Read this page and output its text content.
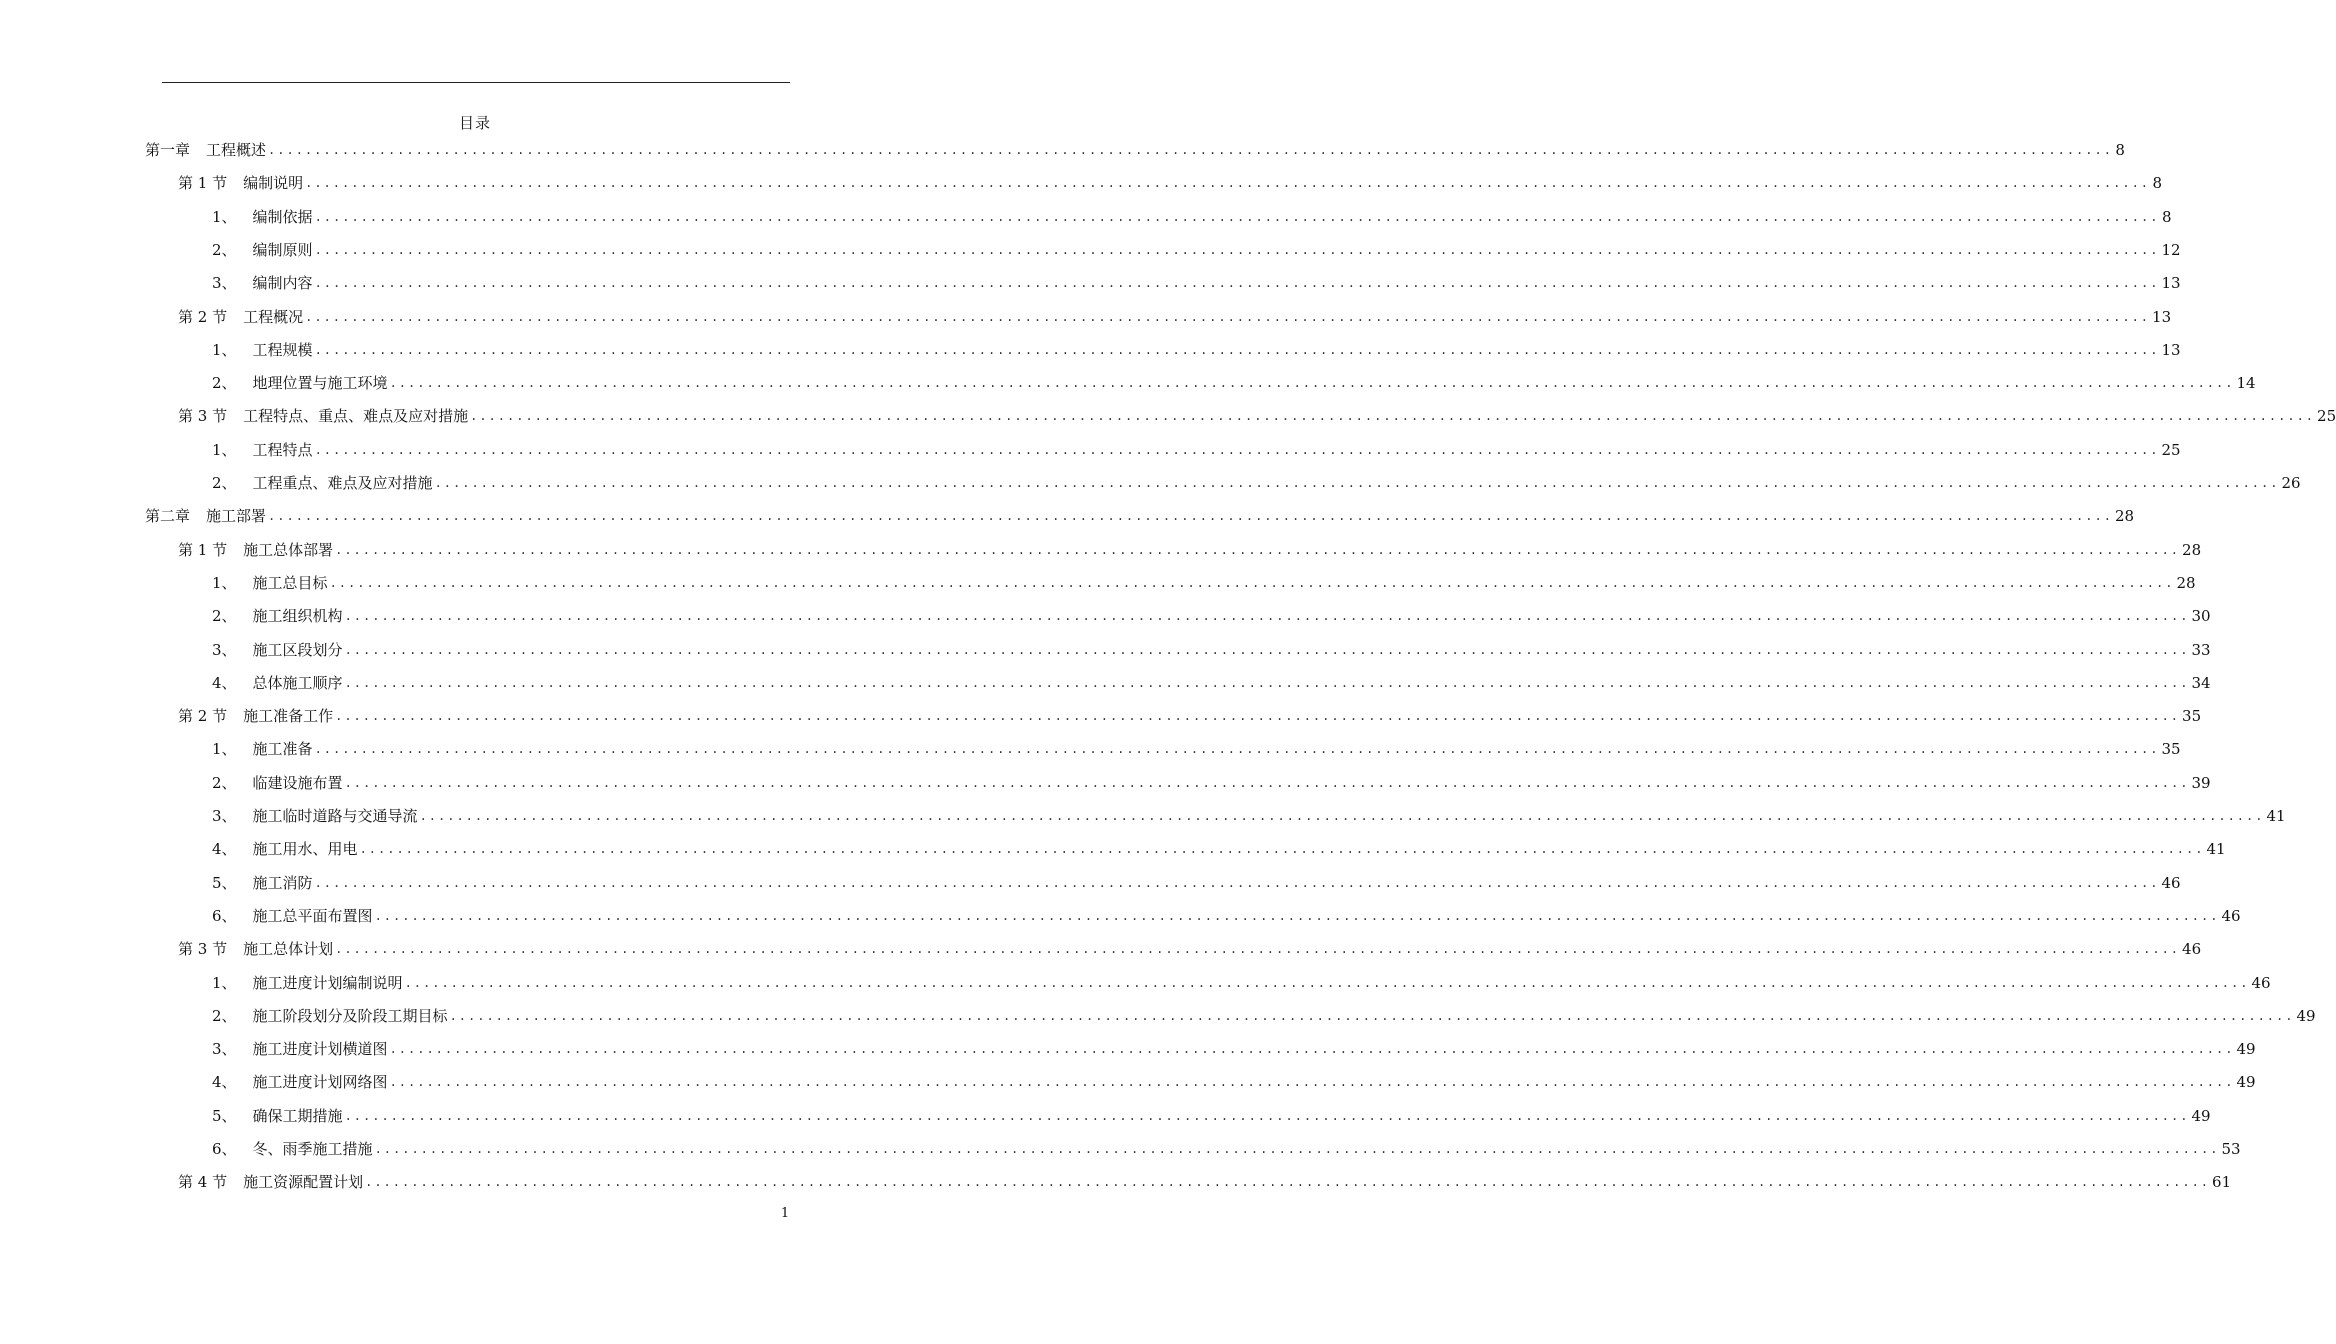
目录
第一章 工程概述 ........................................................................................................................................................................................................ 8
第 1 节 编制说明 ........................................................................................................................................................................................................ 8
1、 编制依据 ........................................................................................................................................................................................................ 8
2、 编制原则 ........................................................................................................................................................................................................ 12
3、 编制内容 ........................................................................................................................................................................................................ 13
第 2 节 工程概况 ........................................................................................................................................................................................................ 13
1、 工程规模 ........................................................................................................................................................................................................ 13
2、 地理位置与施工环境 ........................................................................................................................................................................................................ 14
第 3 节 工程特点、重点、难点及应对措施 ........................................................................................................................................................................................................ 25
1、 工程特点 ........................................................................................................................................................................................................ 25
2、 工程重点、难点及应对措施 ........................................................................................................................................................................................................ 26
第二章 施工部署 ........................................................................................................................................................................................................ 28
第 1 节 施工总体部署 ........................................................................................................................................................................................................ 28
1、 施工总目标 ........................................................................................................................................................................................................ 28
2、 施工组织机构 ........................................................................................................................................................................................................ 30
3、 施工区段划分 ........................................................................................................................................................................................................ 33
4、 总体施工顺序 ........................................................................................................................................................................................................ 34
第 2 节 施工准备工作 ........................................................................................................................................................................................................ 35
1、 施工准备 ........................................................................................................................................................................................................ 35
2、 临建设施布置 ........................................................................................................................................................................................................ 39
3、 施工临时道路与交通导流 ........................................................................................................................................................................................................ 41
4、 施工用水、用电 ........................................................................................................................................................................................................ 41
5、 施工消防 ........................................................................................................................................................................................................ 46
6、 施工总平面布置图 ........................................................................................................................................................................................................ 46
第 3 节 施工总体计划 ........................................................................................................................................................................................................ 46
1、 施工进度计划编制说明 ........................................................................................................................................................................................................ 46
2、 施工阶段划分及阶段工期目标 ........................................................................................................................................................................................................ 49
3、 施工进度计划横道图 ........................................................................................................................................................................................................ 49
4、 施工进度计划网络图 ........................................................................................................................................................................................................ 49
5、 确保工期措施 ........................................................................................................................................................................................................ 49
6、 冬、雨季施工措施 ........................................................................................................................................................................................................ 53
第 4 节 施工资源配置计划 ........................................................................................................................................................................................................ 61
1
